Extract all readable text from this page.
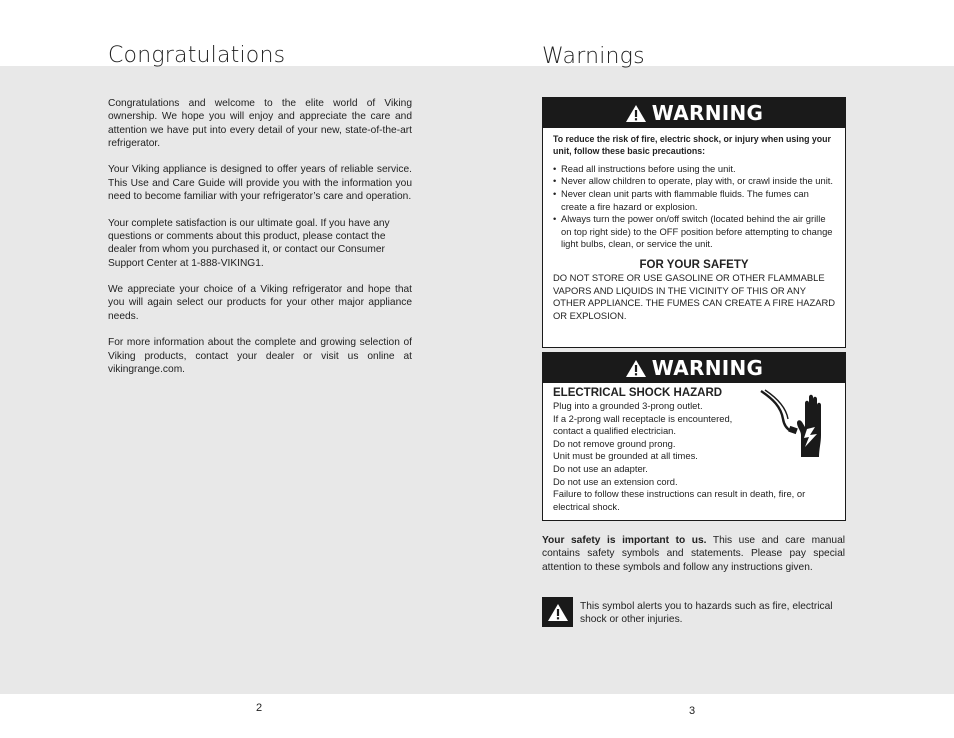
Congratulations

Congratulations and welcome to the elite world of Viking ownership. We hope you will enjoy and appreciate the care and attention we have put into every detail of your new, state-of-the-art refrigerator.

Your Viking appliance is designed to offer years of reliable service. This Use and Care Guide will provide you with the information you need to become familiar with your refrigerator’s care and operation.

Your complete satisfaction is our ultimate goal. If you have any questions or comments about this product, please contact the dealer from whom you purchased it, or contact our Consumer Support Center at 1-888-VIKING1.

We appreciate your choice of a Viking refrigerator and hope that you will again select our products for your other major appliance needs.

For more information about the complete and growing selection of Viking products, contact your dealer or visit us online at vikingrange.com.

Warnings
WARNING

To reduce the risk of fire, electric shock, or injury when using your unit, follow these basic precautions:

• Read all instructions before using the unit.
• Never allow children to operate, play with, or crawl inside the unit.
• Never clean unit parts with flammable fluids. The fumes can create a fire hazard or explosion.
• Always turn the power on/off switch (located behind the air grille on top right side) to the OFF position before attempting to change light bulbs, clean, or service the unit.

FOR YOUR SAFETY

DO NOT STORE OR USE GASOLINE OR OTHER FLAMMABLE VAPORS AND LIQUIDS IN THE VICINITY OF THIS OR ANY OTHER APPLIANCE. THE FUMES CAN CREATE A FIRE HAZARD OR EXPLOSION.

WARNING

ELECTRICAL SHOCK HAZARD

Plug into a grounded 3-prong outlet.
If a 2-prong wall receptacle is encountered,
contact a qualified electrician.
Do not remove ground prong.
Unit must be grounded at all times.
Do not use an adapter.
Do not use an extension cord.
Failure to follow these instructions can result in death, fire, or electrical shock.

Your safety is important to us. This use and care manual contains safety symbols and statements. Please pay special attention to these symbols and follow any instructions given.

This symbol alerts you to hazards such as fire, electrical shock or other injuries.

2	3
